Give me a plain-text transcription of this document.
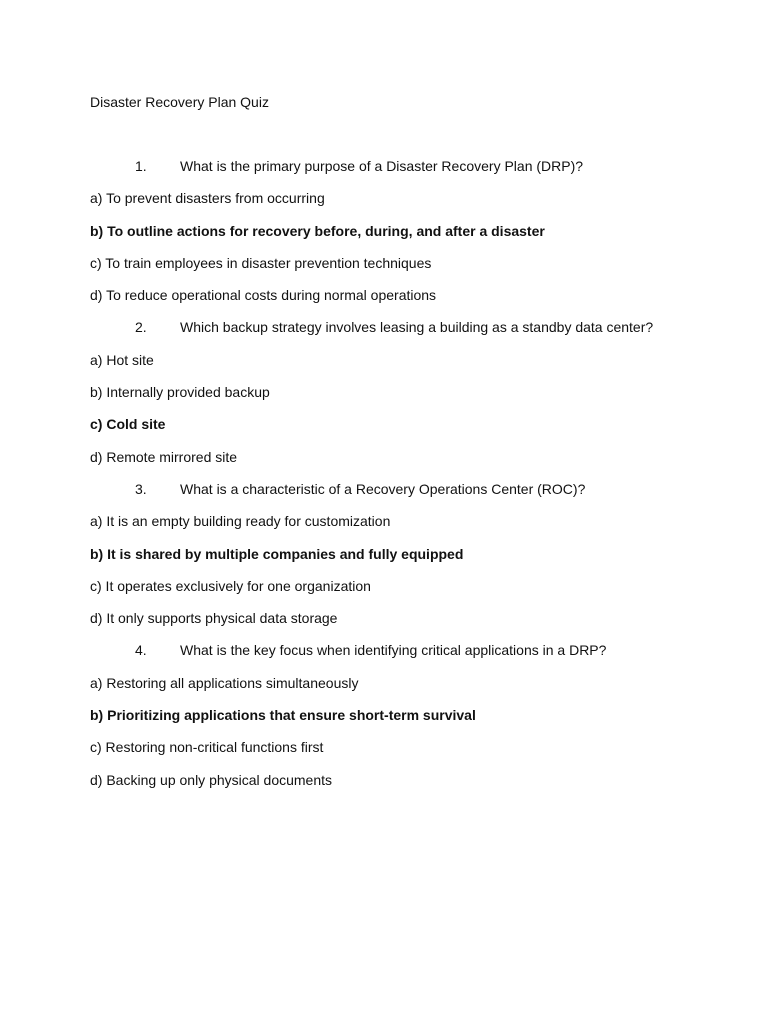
Disaster Recovery Plan Quiz
1.	What is the primary purpose of a Disaster Recovery Plan (DRP)?
a) To prevent disasters from occurring
b) To outline actions for recovery before, during, and after a disaster
c) To train employees in disaster prevention techniques
d) To reduce operational costs during normal operations
2.	Which backup strategy involves leasing a building as a standby data center?
a) Hot site
b) Internally provided backup
c) Cold site
d) Remote mirrored site
3.	What is a characteristic of a Recovery Operations Center (ROC)?
a) It is an empty building ready for customization
b) It is shared by multiple companies and fully equipped
c) It operates exclusively for one organization
d) It only supports physical data storage
4.	What is the key focus when identifying critical applications in a DRP?
a) Restoring all applications simultaneously
b) Prioritizing applications that ensure short-term survival
c) Restoring non-critical functions first
d) Backing up only physical documents
